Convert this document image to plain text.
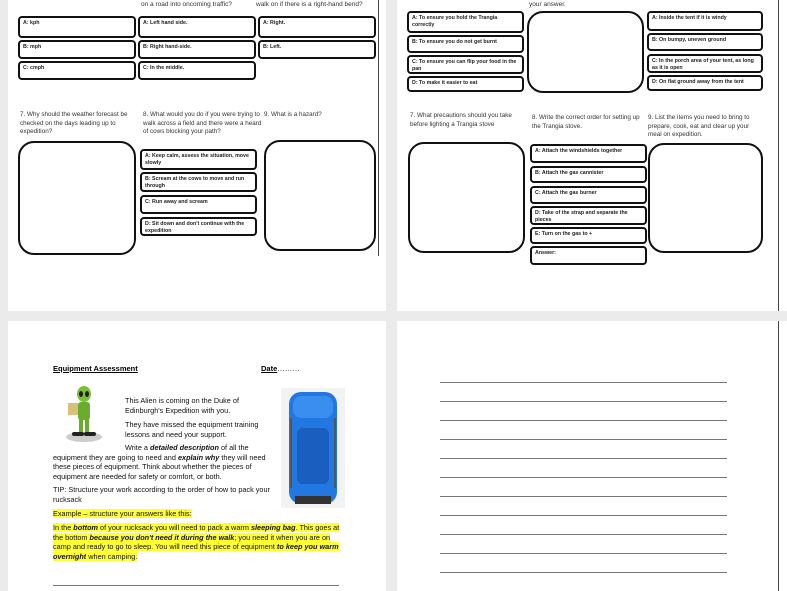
on a road into oncoming traffic?	walk on if there is a right-hand bend?
A: kph	A: Left hand side.	A: Right.
B: mph	B: Right hand-side.	B: Left.
C: cmph	C: In the middle.
7. Why should the weather forecast be checked on the days leading up to expedition?
8. What would you do if you were trying to walk across a field and there were a heard of cows blocking your path?
9. What is a hazard?
A: Keep calm, assess the situation, move slowly
B: Scream at the cows to move and run through
C: Run away and scream
D: Sit down and don't continue with the expedition
your answer.
A: To ensure you hold the Trangia correctly
B: To ensure you do not get burnt
C: To ensure you can flip your food in the pan
D: To make it easier to eat
A: Inside the tent if it is windy
B: On bumpy, uneven ground
C: In the porch area of your tent, as long as it is open
D: On flat ground away from the tent
7. What precautions should you take before lighting a Trangia stove
8. Write the correct order for setting up the Trangia stove.
9. List the items you need to bring to prepare, cook, eat and clear up your meal on expedition.
A: Attach the windshields together
B: Attach the gas cannister
C: Attach the gas burner
D: Take of the strap and separate the pieces
E: Turn on the gas to +
Answer:
Equipment Assessment	Date………
This Alien is coming on the Duke of Edinburgh's Expedition with you.
They have missed the equipment training lessons and need your support.
Write a detailed description of all the equipment they are going to need and explain why they will need these pieces of equipment. Think about whether the pieces of equipment are needed for safety or comfort, or both.
TIP: Structure your work according to the order of how to pack your rucksack
Example – structure your answers like this:
In the bottom of your rucksack you will need to pack a warm sleeping bag. This goes at the bottom because you don't need it during the walk; you need it when you are on camp and ready to go to sleep. You will need this piece of equipment to keep you warm overnight when camping.
